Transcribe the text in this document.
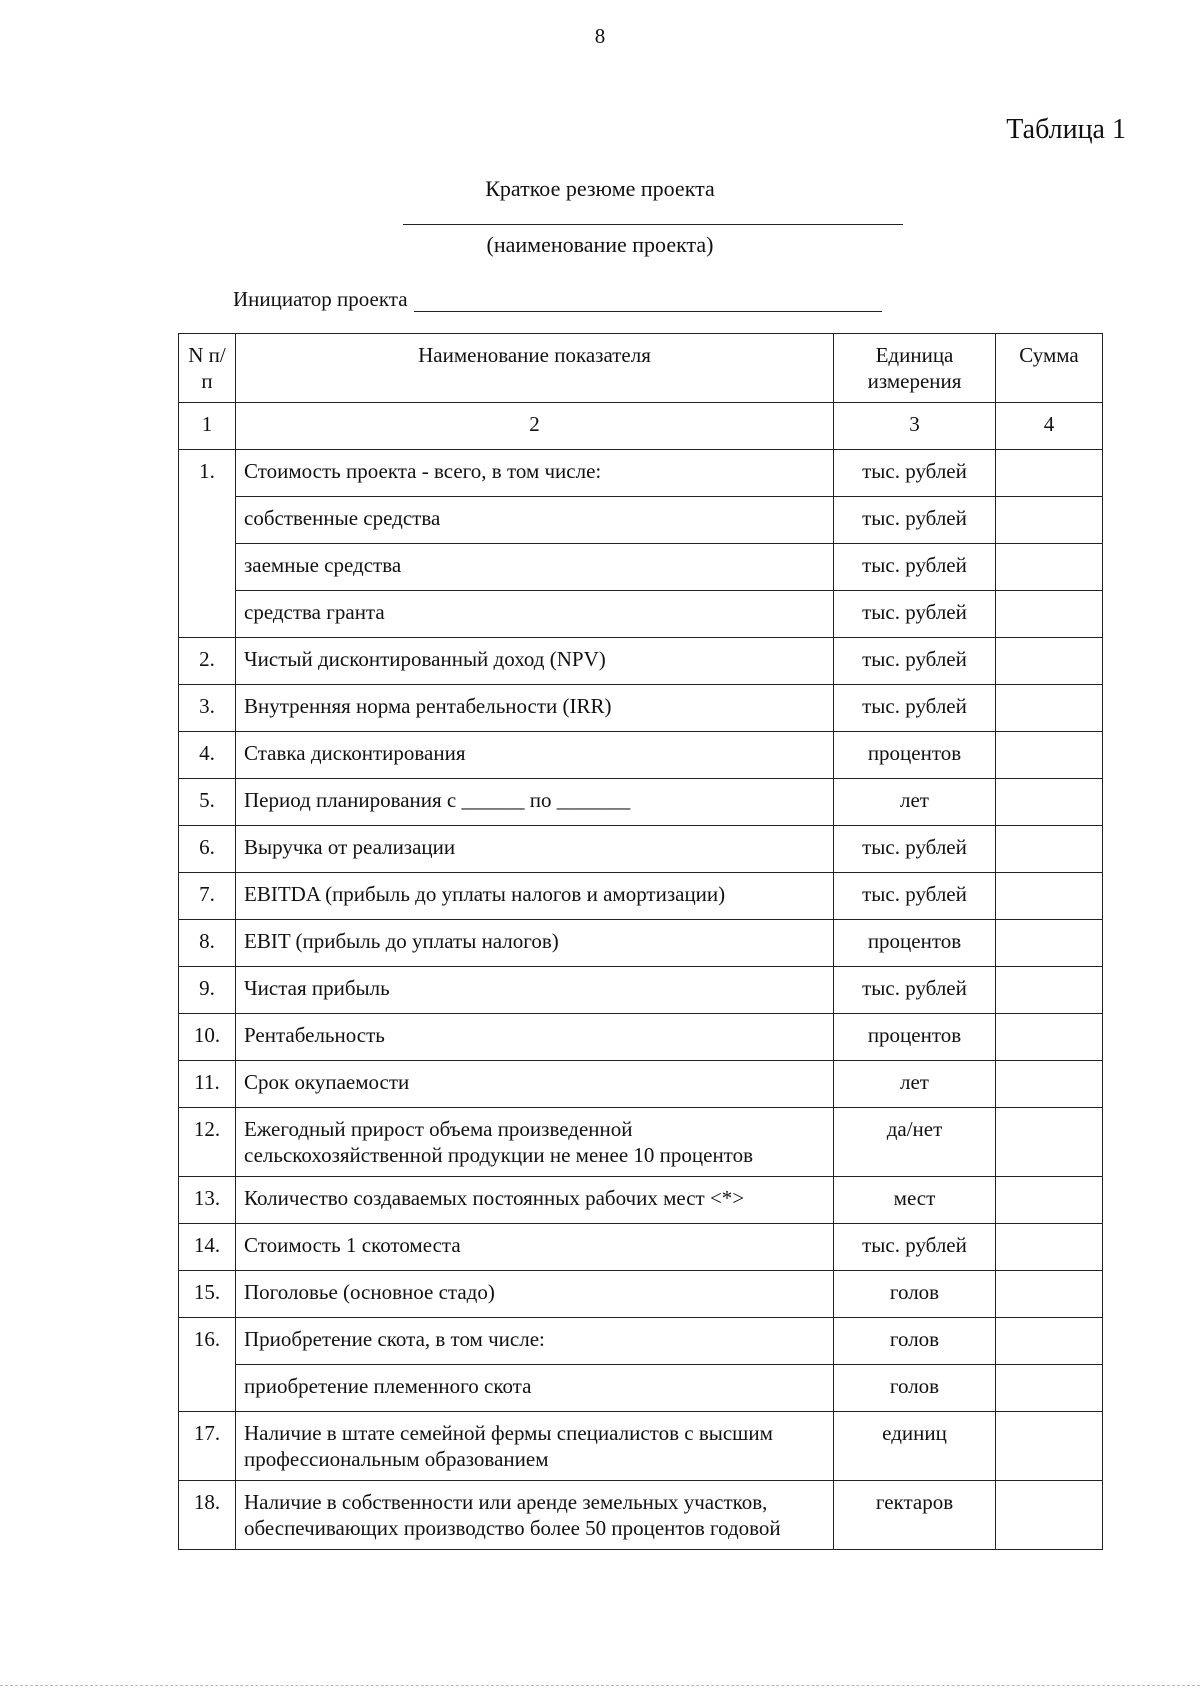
8
Таблица 1
Краткое резюме проекта
(наименование проекта)
Инициатор проекта
N п/п	Наименование показателя	Единица измерения	Сумма
1	2	3	4
1.	Стоимость проекта - всего, в том числе:	тыс. рублей	
	собственные средства	тыс. рублей	
	заемные средства	тыс. рублей	
	средства гранта	тыс. рублей	
2.	Чистый дисконтированный доход (NPV)	тыс. рублей	
3.	Внутренняя норма рентабельности (IRR)	тыс. рублей	
4.	Ставка дисконтирования	процентов	
5.	Период планирования с ______ по _______	лет	
6.	Выручка от реализации	тыс. рублей	
7.	EBITDA (прибыль до уплаты налогов и амортизации)	тыс. рублей	
8.	EBIT (прибыль до уплаты налогов)	процентов	
9.	Чистая прибыль	тыс. рублей	
10.	Рентабельность	процентов	
11.	Срок окупаемости	лет	
12.	Ежегодный прирост объема произведенной сельскохозяйственной продукции не менее 10 процентов	да/нет	
13.	Количество создаваемых постоянных рабочих мест <*>	мест	
14.	Стоимость 1 скотоместа	тыс. рублей	
15.	Поголовье (основное стадо)	голов	
16.	Приобретение скота, в том числе:	голов	
	приобретение племенного скота	голов	
17.	Наличие в штате семейной фермы специалистов с высшим профессиональным образованием	единиц	
18.	Наличие в собственности или аренде земельных участков, обеспечивающих производство более 50 процентов годовой	гектаров	
